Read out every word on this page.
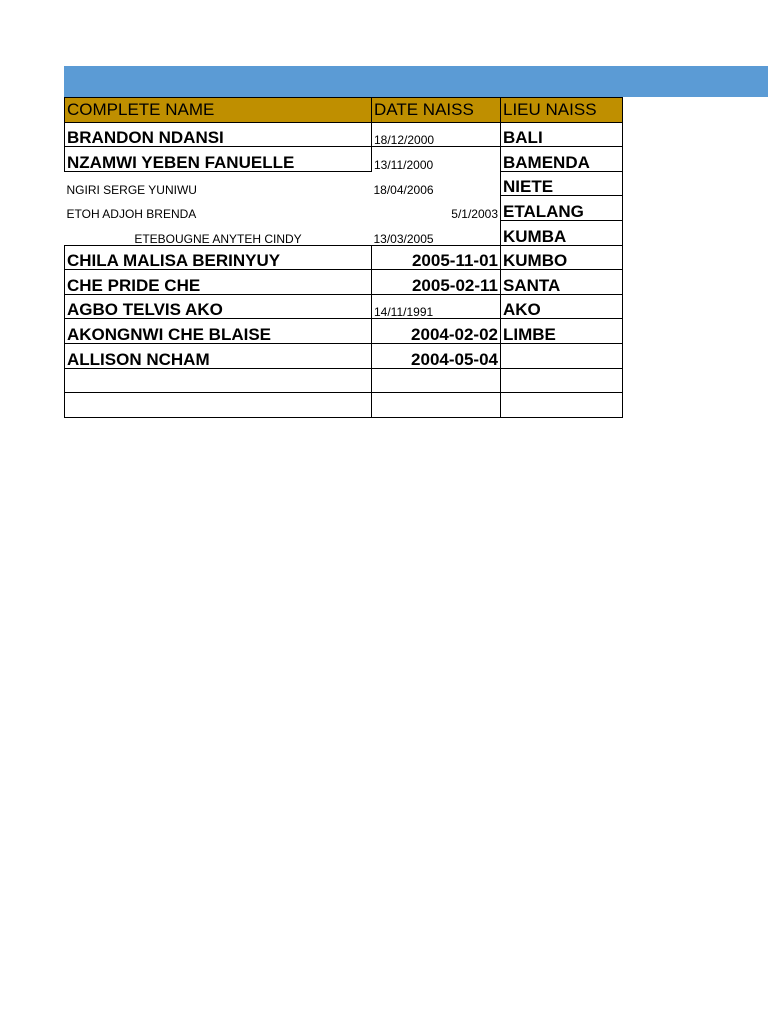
COMPLETE NAME	DATE NAISS	LIEU NAISS
BRANDON NDANSI	18/12/2000	BALI
NZAMWI YEBEN FANUELLE	13/11/2000	BAMENDA
NGIRI SERGE YUNIWU	18/04/2006	NIETE
ETOH ADJOH BRENDA	5/1/2003	ETALANG
ETEBOUGNE ANYTEH CINDY	13/03/2005	KUMBA
CHILA MALISA BERINYUY	2005-11-01	KUMBO
CHE PRIDE CHE	2005-02-11	SANTA
AGBO TELVIS AKO	14/11/1991	AKO
AKONGNWI CHE BLAISE	2004-02-02	LIMBE
ALLISON NCHAM	2004-05-04	
